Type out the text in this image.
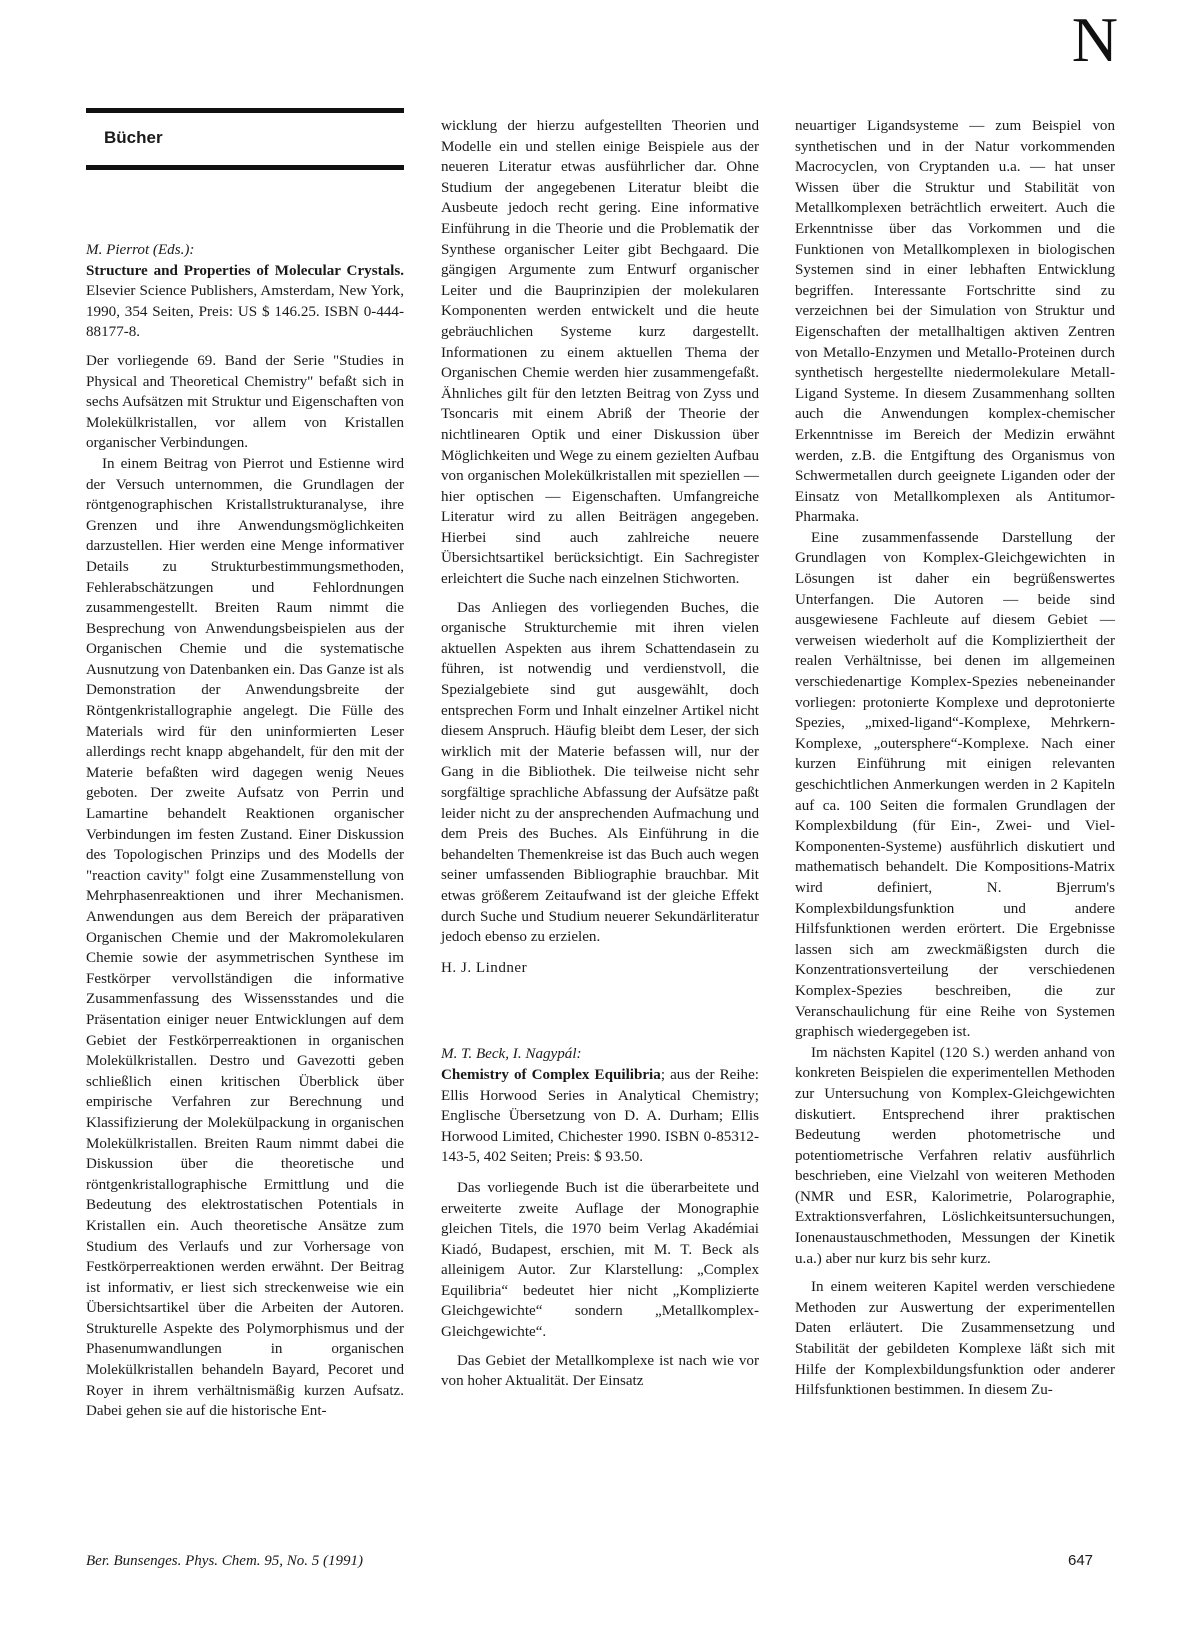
N
Bücher
M. Pierrot (Eds.):
Structure and Properties of Molecular Crystals. Elsevier Science Publishers, Amsterdam, New York, 1990, 354 Seiten, Preis: US $ 146.25. ISBN 0-444-88177-8.

Der vorliegende 69. Band der Serie "Studies in Physical and Theoretical Chemistry" befaßt sich in sechs Aufsätzen mit Struktur und Eigenschaften von Molekülkristallen, vor allem von Kristallen organischer Verbindungen.

In einem Beitrag von Pierrot und Estienne wird der Versuch unternommen, die Grundlagen der röntgenographischen Kristallstrukturanalyse, ihre Grenzen und ihre Anwendungsmöglichkeiten darzustellen. Hier werden eine Menge informativer Details zu Strukturbestimmungsmethoden, Fehlerabschätzungen und Fehlordnungen zusammengestellt. Breiten Raum nimmt die Besprechung von Anwendungsbeispielen aus der Organischen Chemie und die systematische Ausnutzung von Datenbanken ein. Das Ganze ist als Demonstration der Anwendungsbreite der Röntgenkristallographie angelegt. Die Fülle des Materials wird für den uninformierten Leser allerdings recht knapp abgehandelt, für den mit der Materie befaßten wird dagegen wenig Neues geboten. Der zweite Aufsatz von Perrin und Lamartine behandelt Reaktionen organischer Verbindungen im festen Zustand. Einer Diskussion des Topologischen Prinzips und des Modells der "reaction cavity" folgt eine Zusammenstellung von Mehrphasenreaktionen und ihrer Mechanismen. Anwendungen aus dem Bereich der präparativen Organischen Chemie und der Makromolekularen Chemie sowie der asymmetrischen Synthese im Festkörper vervollständigen die informative Zusammenfassung des Wissensstandes und die Präsentation einiger neuer Entwicklungen auf dem Gebiet der Festkörperreaktionen in organischen Molekülkristallen. Destro und Gavezotti geben schließlich einen kritischen Überblick über empirische Verfahren zur Berechnung und Klassifizierung der Molekülpackung in organischen Molekülkristallen. Breiten Raum nimmt dabei die Diskussion über die theoretische und röntgenkristallographische Ermittlung und die Bedeutung des elektrostatischen Potentials in Kristallen ein. Auch theoretische Ansätze zum Studium des Verlaufs und zur Vorhersage von Festkörperreaktionen werden erwähnt. Der Beitrag ist informativ, er liest sich streckenweise wie ein Übersichtsartikel über die Arbeiten der Autoren. Strukturelle Aspekte des Polymorphismus und der Phasenumwandlungen in organischen Molekülkristallen behandeln Bayard, Pecoret und Royer in ihrem verhältnismäßig kurzen Aufsatz. Dabei gehen sie auf die historische Ent-

wicklung der hierzu aufgestellten Theorien und Modelle ein und stellen einige Beispiele aus der neueren Literatur etwas ausführlicher dar. Ohne Studium der angegebenen Literatur bleibt die Ausbeute jedoch recht gering. Eine informative Einführung in die Theorie und die Problematik der Synthese organischer Leiter gibt Bechgaard. Die gängigen Argumente zum Entwurf organischer Leiter und die Bauprinzipien der molekularen Komponenten werden entwickelt und die heute gebräuchlichen Systeme kurz dargestellt. Informationen zu einem aktuellen Thema der Organischen Chemie werden hier zusammengefaßt. Ähnliches gilt für den letzten Beitrag von Zyss und Tsoncaris mit einem Abriß der Theorie der nichtlinearen Optik und einer Diskussion über Möglichkeiten und Wege zu einem gezielten Aufbau von organischen Molekülkristallen mit speziellen — hier optischen — Eigenschaften. Umfangreiche Literatur wird zu allen Beiträgen angegeben. Hierbei sind auch zahlreiche neuere Übersichtsartikel berücksichtigt. Ein Sachregister erleichtert die Suche nach einzelnen Stichworten.

Das Anliegen des vorliegenden Buches, die organische Strukturchemie mit ihren vielen aktuellen Aspekten aus ihrem Schattendasein zu führen, ist notwendig und verdienstvoll, die Spezialgebiete sind gut ausgewählt, doch entsprechen Form und Inhalt einzelner Artikel nicht diesem Anspruch. Häufig bleibt dem Leser, der sich wirklich mit der Materie befassen will, nur der Gang in die Bibliothek. Die teilweise nicht sehr sorgfältige sprachliche Abfassung der Aufsätze paßt leider nicht zu der ansprechenden Aufmachung und dem Preis des Buches. Als Einführung in die behandelten Themenkreise ist das Buch auch wegen seiner umfassenden Bibliographie brauchbar. Mit etwas größerem Zeitaufwand ist der gleiche Effekt durch Suche und Studium neuerer Sekundärliteratur jedoch ebenso zu erzielen.

H. J. Lindner
M. T. Beck, I. Nagypál:
Chemistry of Complex Equilibria; aus der Reihe: Ellis Horwood Series in Analytical Chemistry; Englische Übersetzung von D. A. Durham; Ellis Horwood Limited, Chichester 1990. ISBN 0-85312-143-5, 402 Seiten; Preis: $ 93.50.

Das vorliegende Buch ist die überarbeitete und erweiterte zweite Auflage der Monographie gleichen Titels, die 1970 beim Verlag Akadémiai Kiadó, Budapest, erschien, mit M. T. Beck als alleinigem Autor. Zur Klarstellung: „Complex Equilibria“ bedeutet hier nicht „Komplizierte Gleichgewichte“ sondern „Metallkomplex-Gleichgewichte“.

Das Gebiet der Metallkomplexe ist nach wie vor von hoher Aktualität. Der Einsatz

neuartiger Ligandsysteme — zum Beispiel von synthetischen und in der Natur vorkommenden Macrocyclen, von Cryptanden u.a. — hat unser Wissen über die Struktur und Stabilität von Metallkomplexen beträchtlich erweitert. Auch die Erkenntnisse über das Vorkommen und die Funktionen von Metallkomplexen in biologischen Systemen sind in einer lebhaften Entwicklung begriffen. Interessante Fortschritte sind zu verzeichnen bei der Simulation von Struktur und Eigenschaften der metallhaltigen aktiven Zentren von Metallo-Enzymen und Metallo-Proteinen durch synthetisch hergestellte niedermolekulare Metall-Ligand Systeme. In diesem Zusammenhang sollten auch die Anwendungen komplex-chemischer Erkenntnisse im Bereich der Medizin erwähnt werden, z.B. die Entgiftung des Organismus von Schwermetallen durch geeignete Liganden oder der Einsatz von Metallkomplexen als Antitumor-Pharmaka.

Eine zusammenfassende Darstellung der Grundlagen von Komplex-Gleichgewichten in Lösungen ist daher ein begrüßenswertes Unterfangen. Die Autoren — beide sind ausgewiesene Fachleute auf diesem Gebiet — verweisen wiederholt auf die Kompliziertheit der realen Verhältnisse, bei denen im allgemeinen verschiedenartige Komplex-Spezies nebeneinander vorliegen: protonierte Komplexe und deprotonierte Spezies, „mixed-ligand“-Komplexe, Mehrkern-Komplexe, „outersphere“-Komplexe. Nach einer kurzen Einführung mit einigen relevanten geschichtlichen Anmerkungen werden in 2 Kapiteln auf ca. 100 Seiten die formalen Grundlagen der Komplexbildung (für Ein-, Zwei- und Viel-Komponenten-Systeme) ausführlich diskutiert und mathematisch behandelt. Die Kompositions-Matrix wird definiert, N. Bjerrum's Komplexbildungsfunktion und andere Hilfsfunktionen werden erörtert. Die Ergebnisse lassen sich am zweckmäßigsten durch die Konzentrationsverteilung der verschiedenen Komplex-Spezies beschreiben, die zur Veranschaulichung für eine Reihe von Systemen graphisch wiedergegeben ist.

Im nächsten Kapitel (120 S.) werden anhand von konkreten Beispielen die experimentellen Methoden zur Untersuchung von Komplex-Gleichgewichten diskutiert. Entsprechend ihrer praktischen Bedeutung werden photometrische und potentiometrische Verfahren relativ ausführlich beschrieben, eine Vielzahl von weiteren Methoden (NMR und ESR, Kalorimetrie, Polarographie, Extraktionsverfahren, Löslichkeitsuntersuchungen, Ionenaustauschmethoden, Messungen der Kinetik u.a.) aber nur kurz bis sehr kurz.

In einem weiteren Kapitel werden verschiedene Methoden zur Auswertung der experimentellen Daten erläutert. Die Zusammensetzung und Stabilität der gebildeten Komplexe läßt sich mit Hilfe der Komplexbildungsfunktion oder anderer Hilfsfunktionen bestimmen. In diesem Zu-

Ber. Bunsenges. Phys. Chem. 95, No. 5 (1991)	647
